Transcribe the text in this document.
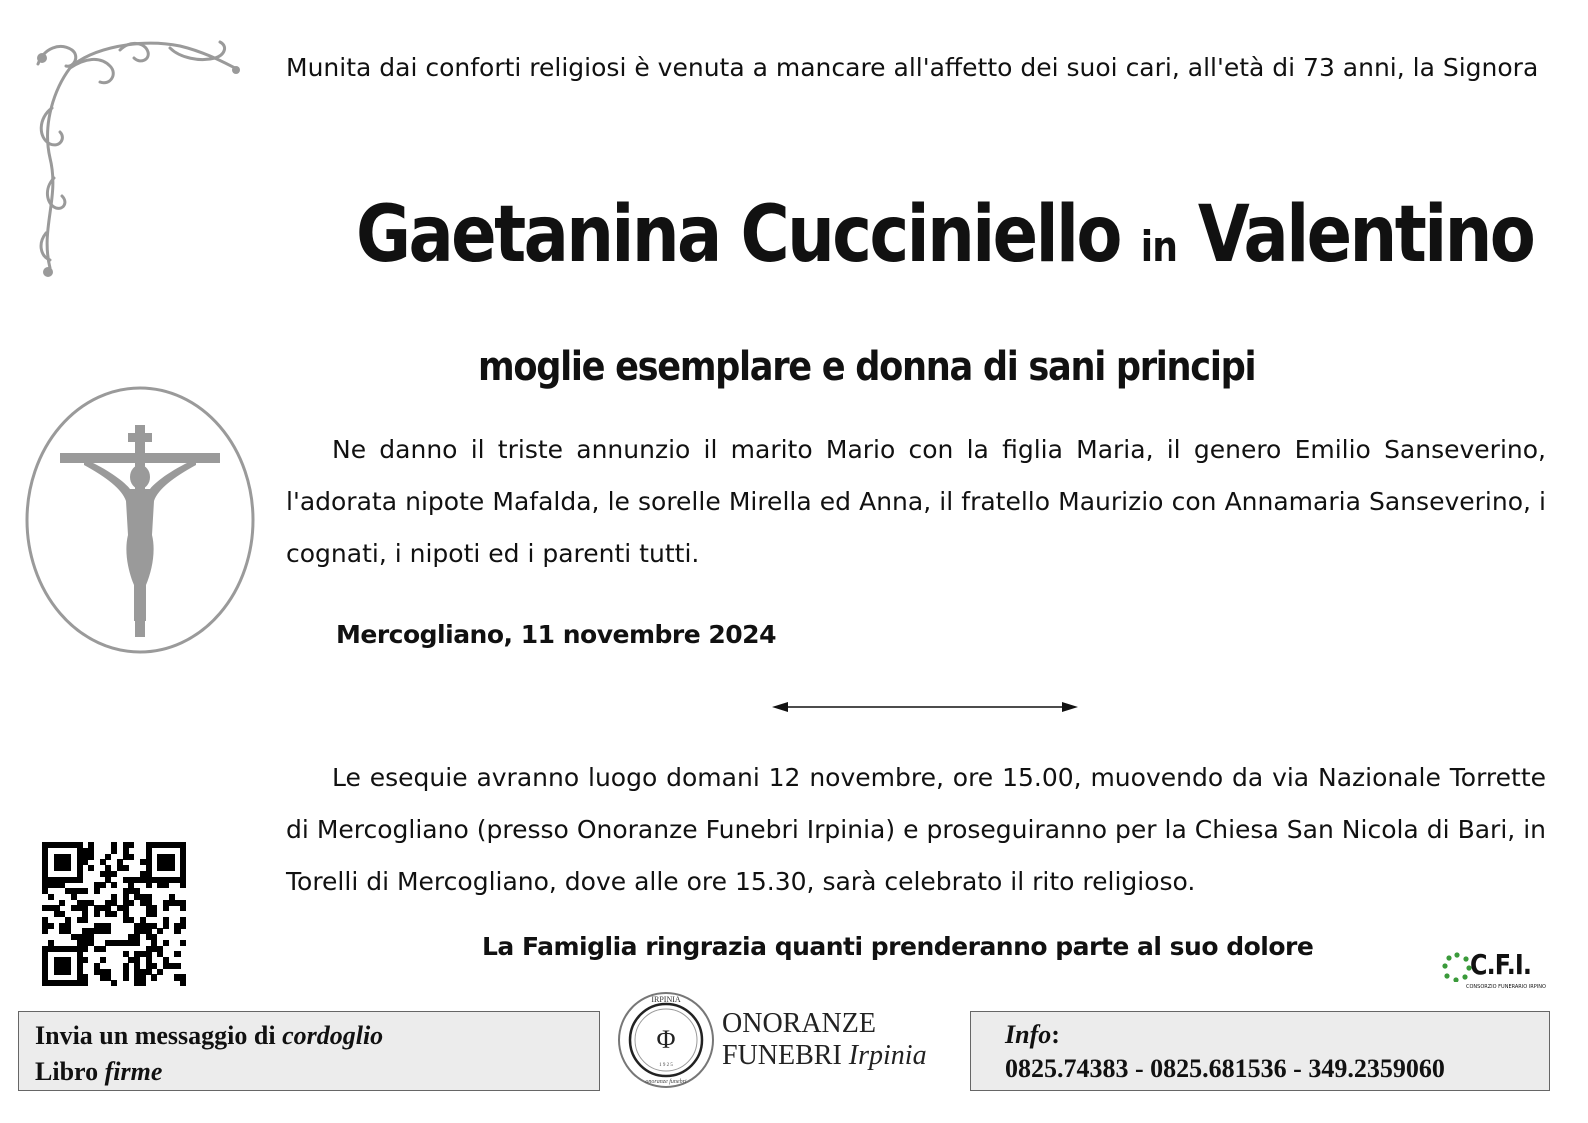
Munita dai conforti religiosi è venuta a mancare all'affetto dei suoi cari, all'età di 73 anni, la Signora
Gaetanina Cucciniello in Valentino
moglie esemplare e donna di sani principi
Ne danno il triste annunzio il marito Mario con la figlia Maria, il genero Emilio Sanseverino, l'adorata nipote Mafalda, le sorelle Mirella ed Anna, il fratello Maurizio con Annamaria Sanseverino, i cognati, i nipoti ed i parenti tutti.
Mercogliano, 11 novembre 2024
Le esequie avranno luogo domani 12 novembre, ore 15.00, muovendo da via Nazionale Torrette di Mercogliano (presso Onoranze Funebri Irpinia) e proseguiranno per la Chiesa San Nicola di Bari, in Torelli di Mercogliano, dove alle ore 15.30, sarà celebrato il rito religioso.
La Famiglia ringrazia quanti prenderanno parte al suo dolore
C.F.I.
CONSORZIO FUNERARIO IRPINO
Invia un messaggio di cordoglio
Libro firme
IRPINIA
Φ
1 9 2 5
onoranze funebri
ONORANZE
FUNEBRI Irpinia
Info:
0825.74383 - 0825.681536 - 349.2359060
